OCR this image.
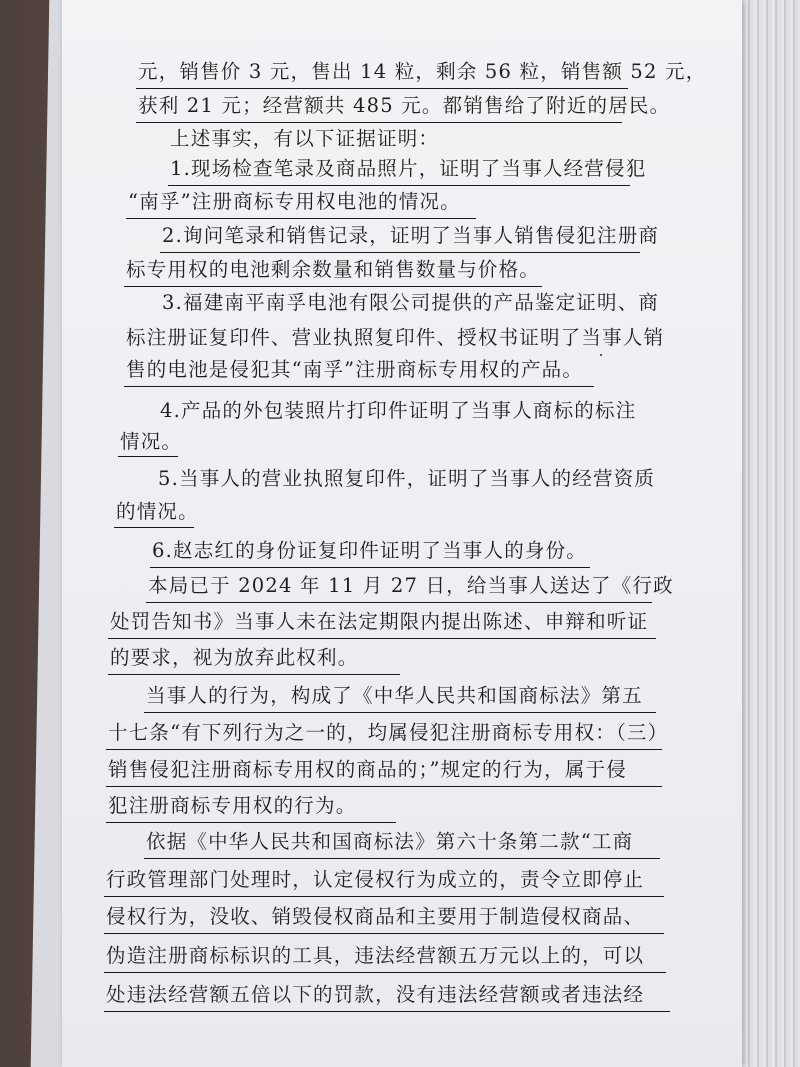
元，销售价 3 元，售出 14 粒，剩余 56 粒，销售额 52 元，
获利 21 元；经营额共 485 元。都销售给了附近的居民。
上述事实，有以下证据证明：
1.现场检查笔录及商品照片，证明了当事人经营侵犯
“南孚”注册商标专用权电池的情况。
2.询问笔录和销售记录，证明了当事人销售侵犯注册商
标专用权的电池剩余数量和销售数量与价格。
3.福建南平南孚电池有限公司提供的产品鉴定证明、商
标注册证复印件、营业执照复印件、授权书证明了当事人销
售的电池是侵犯其“南孚”注册商标专用权的产品。
4.产品的外包装照片打印件证明了当事人商标的标注
情况。
5.当事人的营业执照复印件，证明了当事人的经营资质
的情况。
6.赵志红的身份证复印件证明了当事人的身份。
本局已于 2024 年 11 月 27 日，给当事人送达了《行政
处罚告知书》当事人未在法定期限内提出陈述、申辩和听证
的要求，视为放弃此权利。
当事人的行为，构成了《中华人民共和国商标法》第五
十七条“有下列行为之一的，均属侵犯注册商标专用权：（三）
销售侵犯注册商标专用权的商品的；”规定的行为，属于侵
犯注册商标专用权的行为。
依据《中华人民共和国商标法》第六十条第二款“工商
行政管理部门处理时，认定侵权行为成立的，责令立即停止
侵权行为，没收、销毁侵权商品和主要用于制造侵权商品、
伪造注册商标标识的工具，违法经营额五万元以上的，可以
处违法经营额五倍以下的罚款，没有违法经营额或者违法经
